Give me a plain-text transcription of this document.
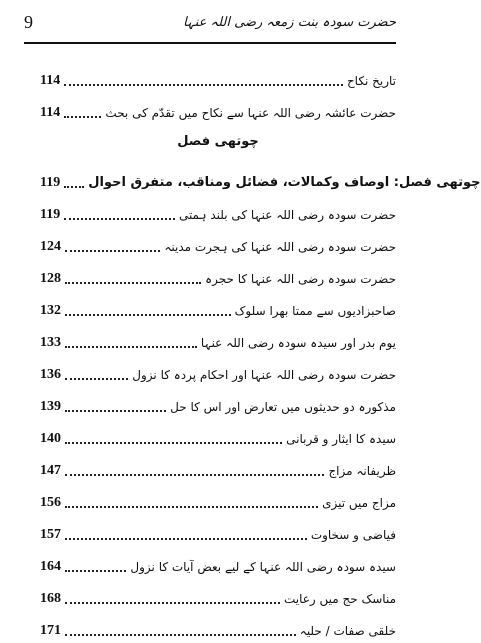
9	حضرت سودہ بنت زمعہ رضی اللہ عنہا
114	تاریخ نکاح
114	حضرت عائشہ رضی اللہ عنہا سے نکاح میں تقدّم کی بحث
چوتھی فصل
119 چوتھی فصل: اوصاف وکمالات، فضائل ومناقب، متفرق احوال
119	حضرت سودہ رضی اللہ عنہا کی بلند ہمتی
124	حضرت سودہ رضی اللہ عنہا کی ہجرت مدینہ
128	حضرت سودہ رضی اللہ عنہا کا حجرہ
132	صاحبزادیوں سے ممتا بھرا سلوک
133	یوم بدر اور سیدہ سودہ رضی اللہ عنہا
136	حضرت سودہ رضی اللہ عنہا اور احکام پردہ کا نزول
139	مذکورہ دو حدیثوں میں تعارض اور اس کا حل
140	سیدہ کا ایثار و قربانی
147	ظریفانہ مزاج
156	مزاج میں تیزی
157	فیاضی و سخاوت
164	سیدہ سودہ رضی اللہ عنہا کے لیے بعض آیات کا نزول
168	مناسک حج میں رعایت
171	خلقی صفات / حلیہ
